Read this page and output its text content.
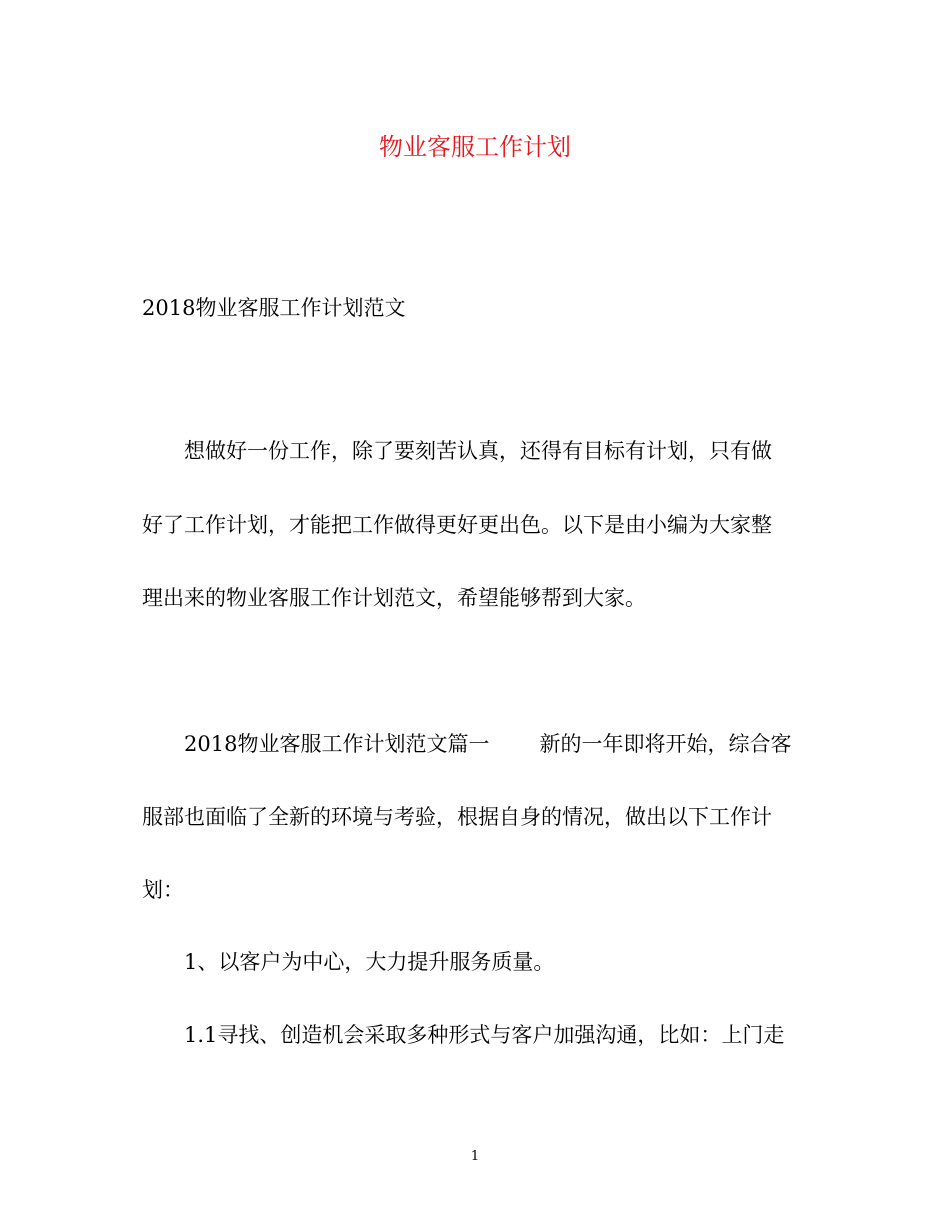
物业客服工作计划
2018物业客服工作计划范文
想做好一份工作，除了要刻苦认真，还得有目标有计划，只有做
好了工作计划，才能把工作做得更好更出色。以下是由小编为大家整
理出来的物业客服工作计划范文，希望能够帮到大家。
2018物业客服工作计划范文篇一 新的一年即将开始，综合客
服部也面临了全新的环境与考验，根据自身的情况，做出以下工作计
划：
1、以客户为中心，大力提升服务质量。
1.1寻找、创造机会采取多种形式与客户加强沟通，比如：上门走
1
